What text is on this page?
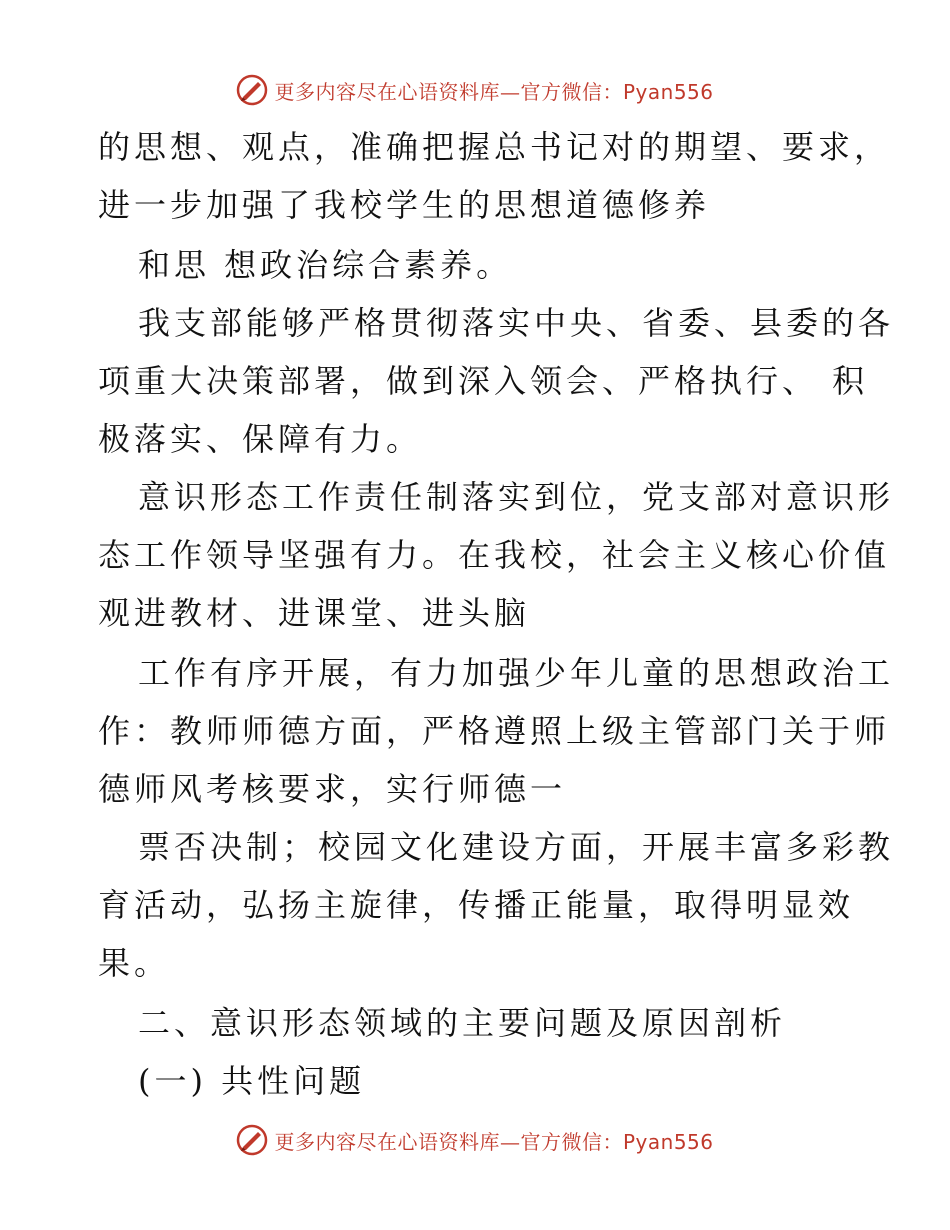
更多内容尽在心语资料库—官方微信：Pyan556
的思想、观点，准确把握总书记对的期望、要求，
进一步加强了我校学生的思想道德修养
和思 想政治综合素养。
我支部能够严格贯彻落实中央、省委、县委的各
项重大决策部署，做到深入领会、严格执行、 积
极落实、保障有力。
意识形态工作责任制落实到位，党支部对意识形
态工作领导坚强有力。在我校，社会主义核心价值
观进教材、进课堂、进头脑
工作有序开展，有力加强少年儿童的思想政治工
作：教师师德方面，严格遵照上级主管部门关于师
德师风考核要求，实行师德一
票否决制；校园文化建设方面，开展丰富多彩教
育活动，弘扬主旋律，传播正能量，取得明显效
果。
二、意识形态领域的主要问题及原因剖析
(一) 共性问题
更多内容尽在心语资料库—官方微信：Pyan556
